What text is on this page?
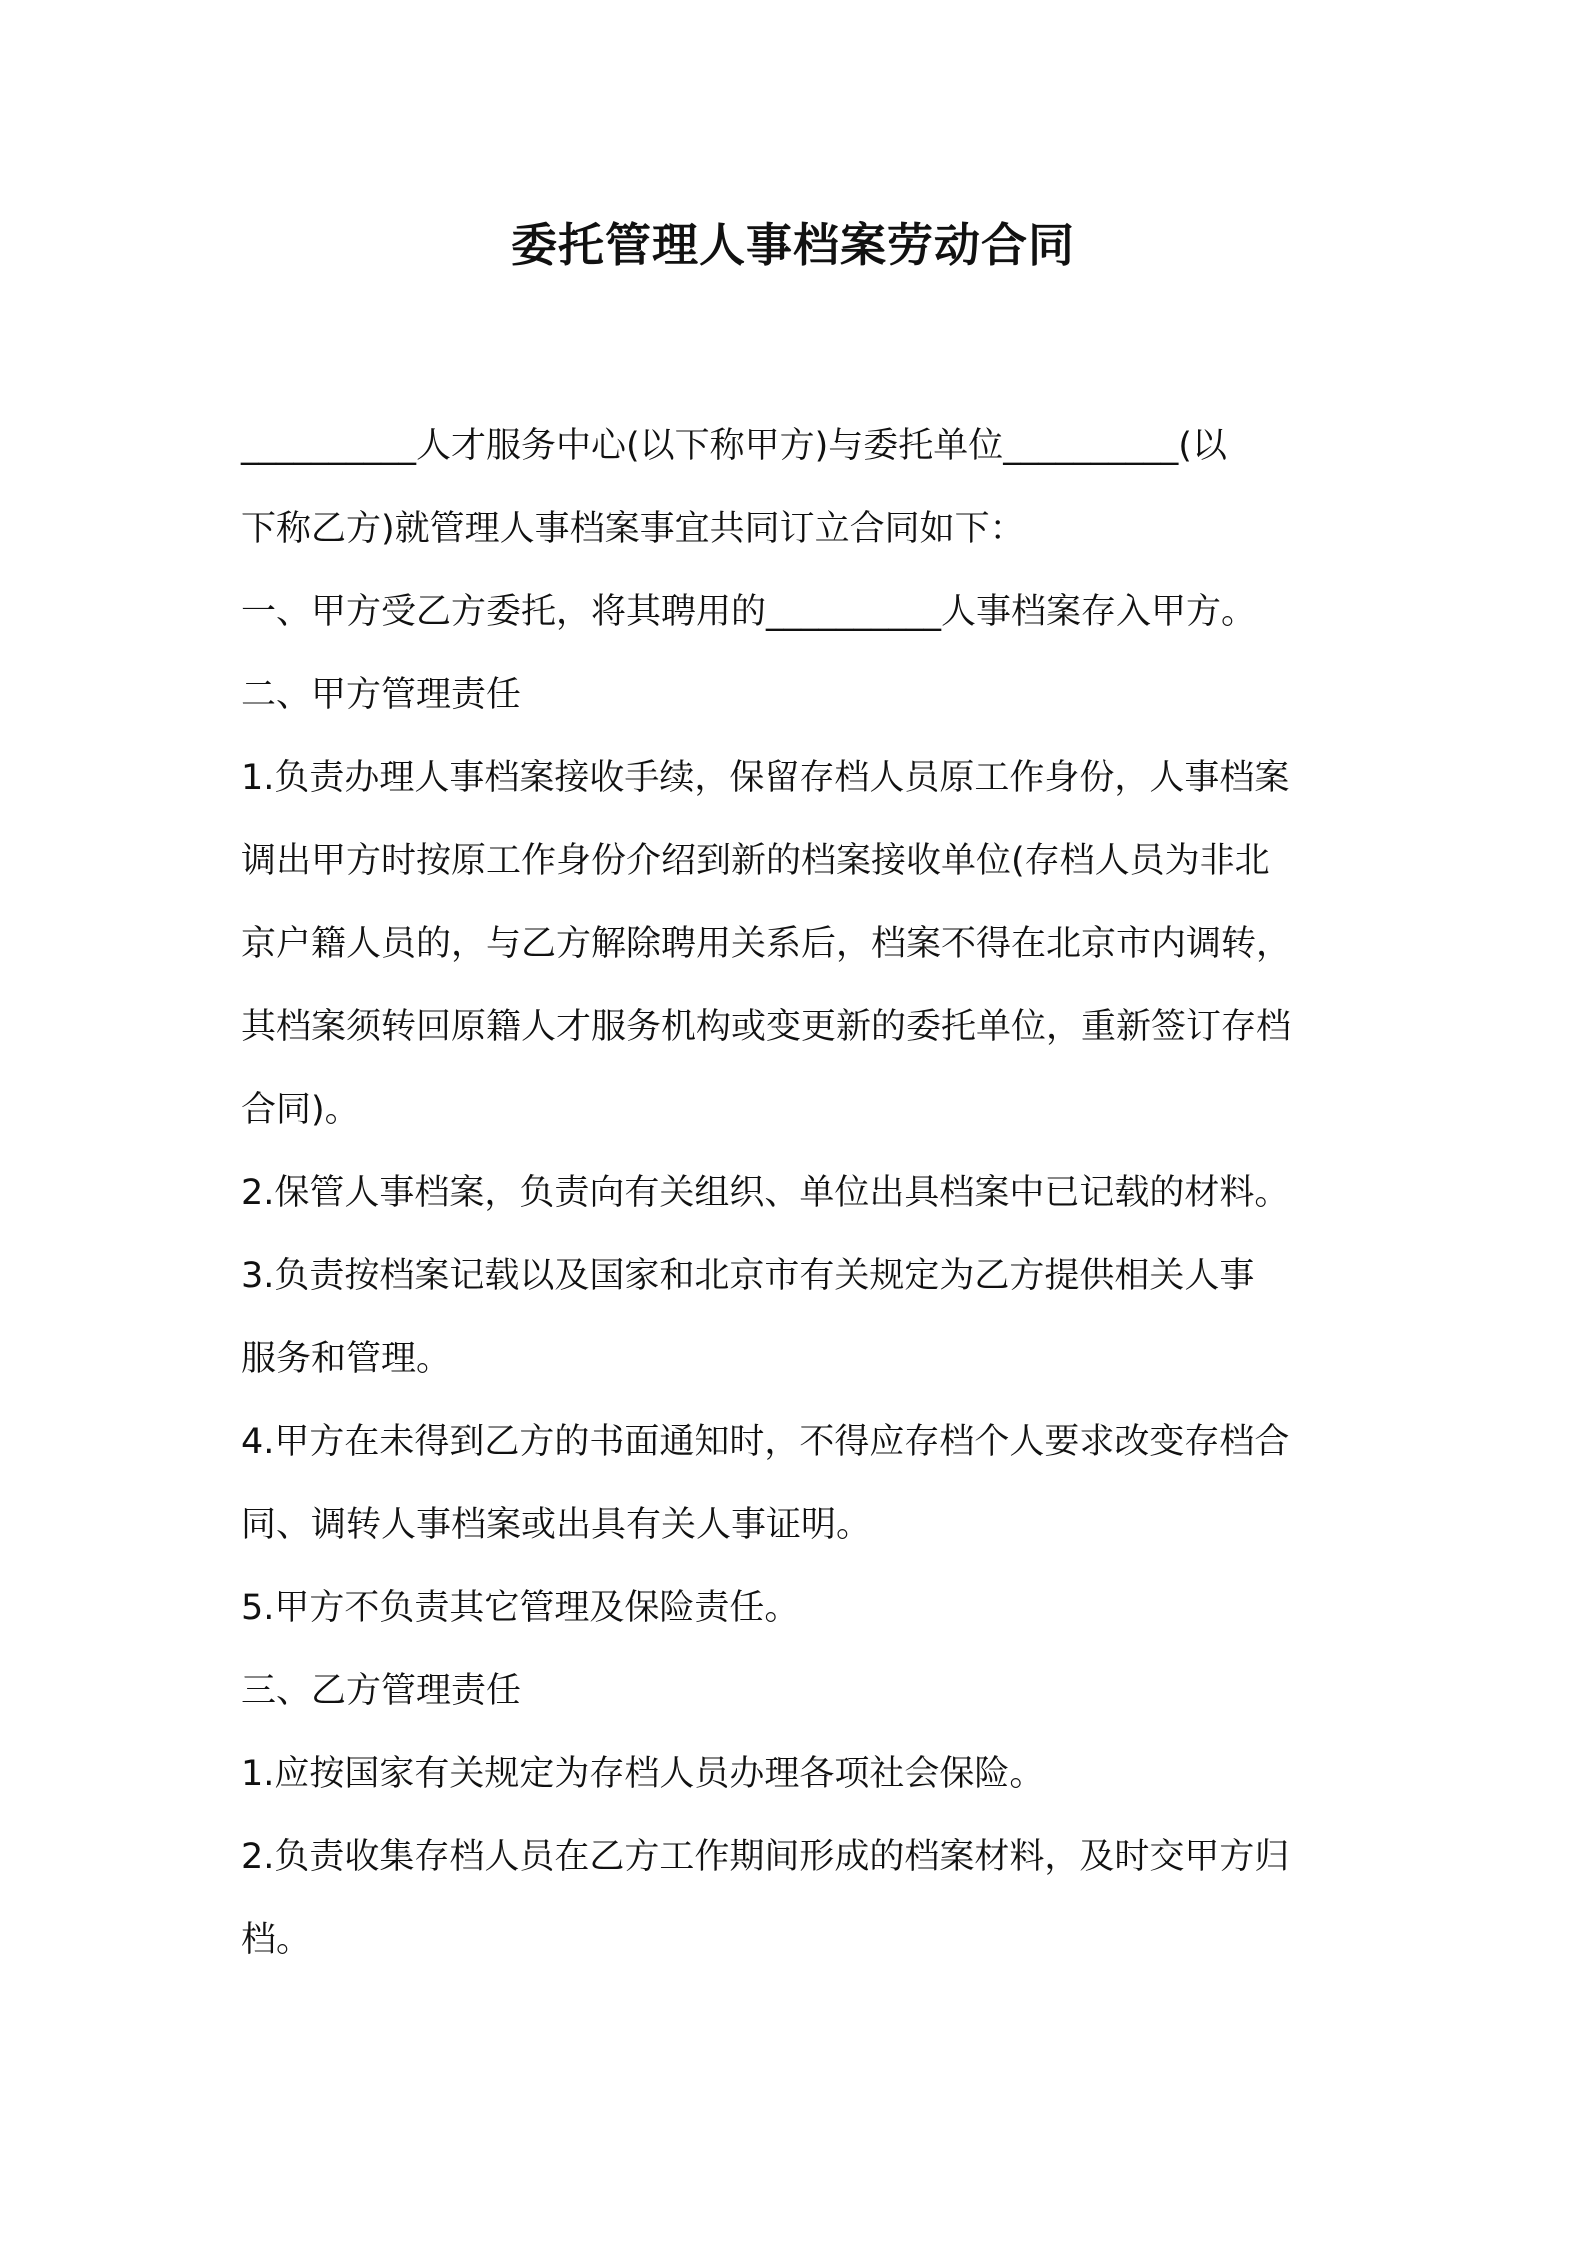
委托管理人事档案劳动合同
__________人才服务中心(以下称甲方)与委托单位__________(以
下称乙方)就管理人事档案事宜共同订立合同如下：
一、甲方受乙方委托，将其聘用的__________人事档案存入甲方。
二、甲方管理责任
1.负责办理人事档案接收手续，保留存档人员原工作身份，人事档案
调出甲方时按原工作身份介绍到新的档案接收单位(存档人员为非北
京户籍人员的，与乙方解除聘用关系后，档案不得在北京市内调转，
其档案须转回原籍人才服务机构或变更新的委托单位，重新签订存档
合同)。
2.保管人事档案，负责向有关组织、单位出具档案中已记载的材料。
3.负责按档案记载以及国家和北京市有关规定为乙方提供相关人事
服务和管理。
4.甲方在未得到乙方的书面通知时，不得应存档个人要求改变存档合
同、调转人事档案或出具有关人事证明。
5.甲方不负责其它管理及保险责任。
三、乙方管理责任
1.应按国家有关规定为存档人员办理各项社会保险。
2.负责收集存档人员在乙方工作期间形成的档案材料，及时交甲方归
档。
